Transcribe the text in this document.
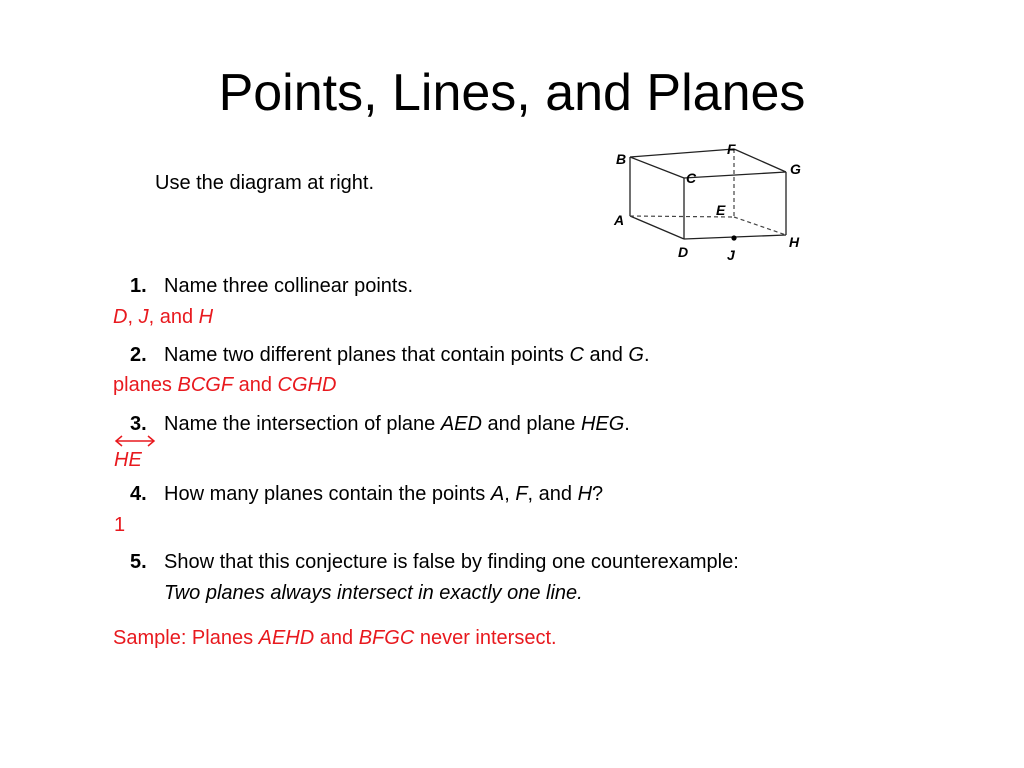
Points, Lines, and Planes
Use the diagram at right.
B
F
C
G
A
E
D
H
J
1. Name three collinear points.
D, J, and H
2. Name two different planes that contain points C and G.
planes BCGF and CGHD
3. Name the intersection of plane AED and plane HEG.
HE
4. How many planes contain the points A, F, and H?
1
5. Show that this conjecture is false by finding one counterexample:
Two planes always intersect in exactly one line.
Sample: Planes AEHD and BFGC never intersect.
